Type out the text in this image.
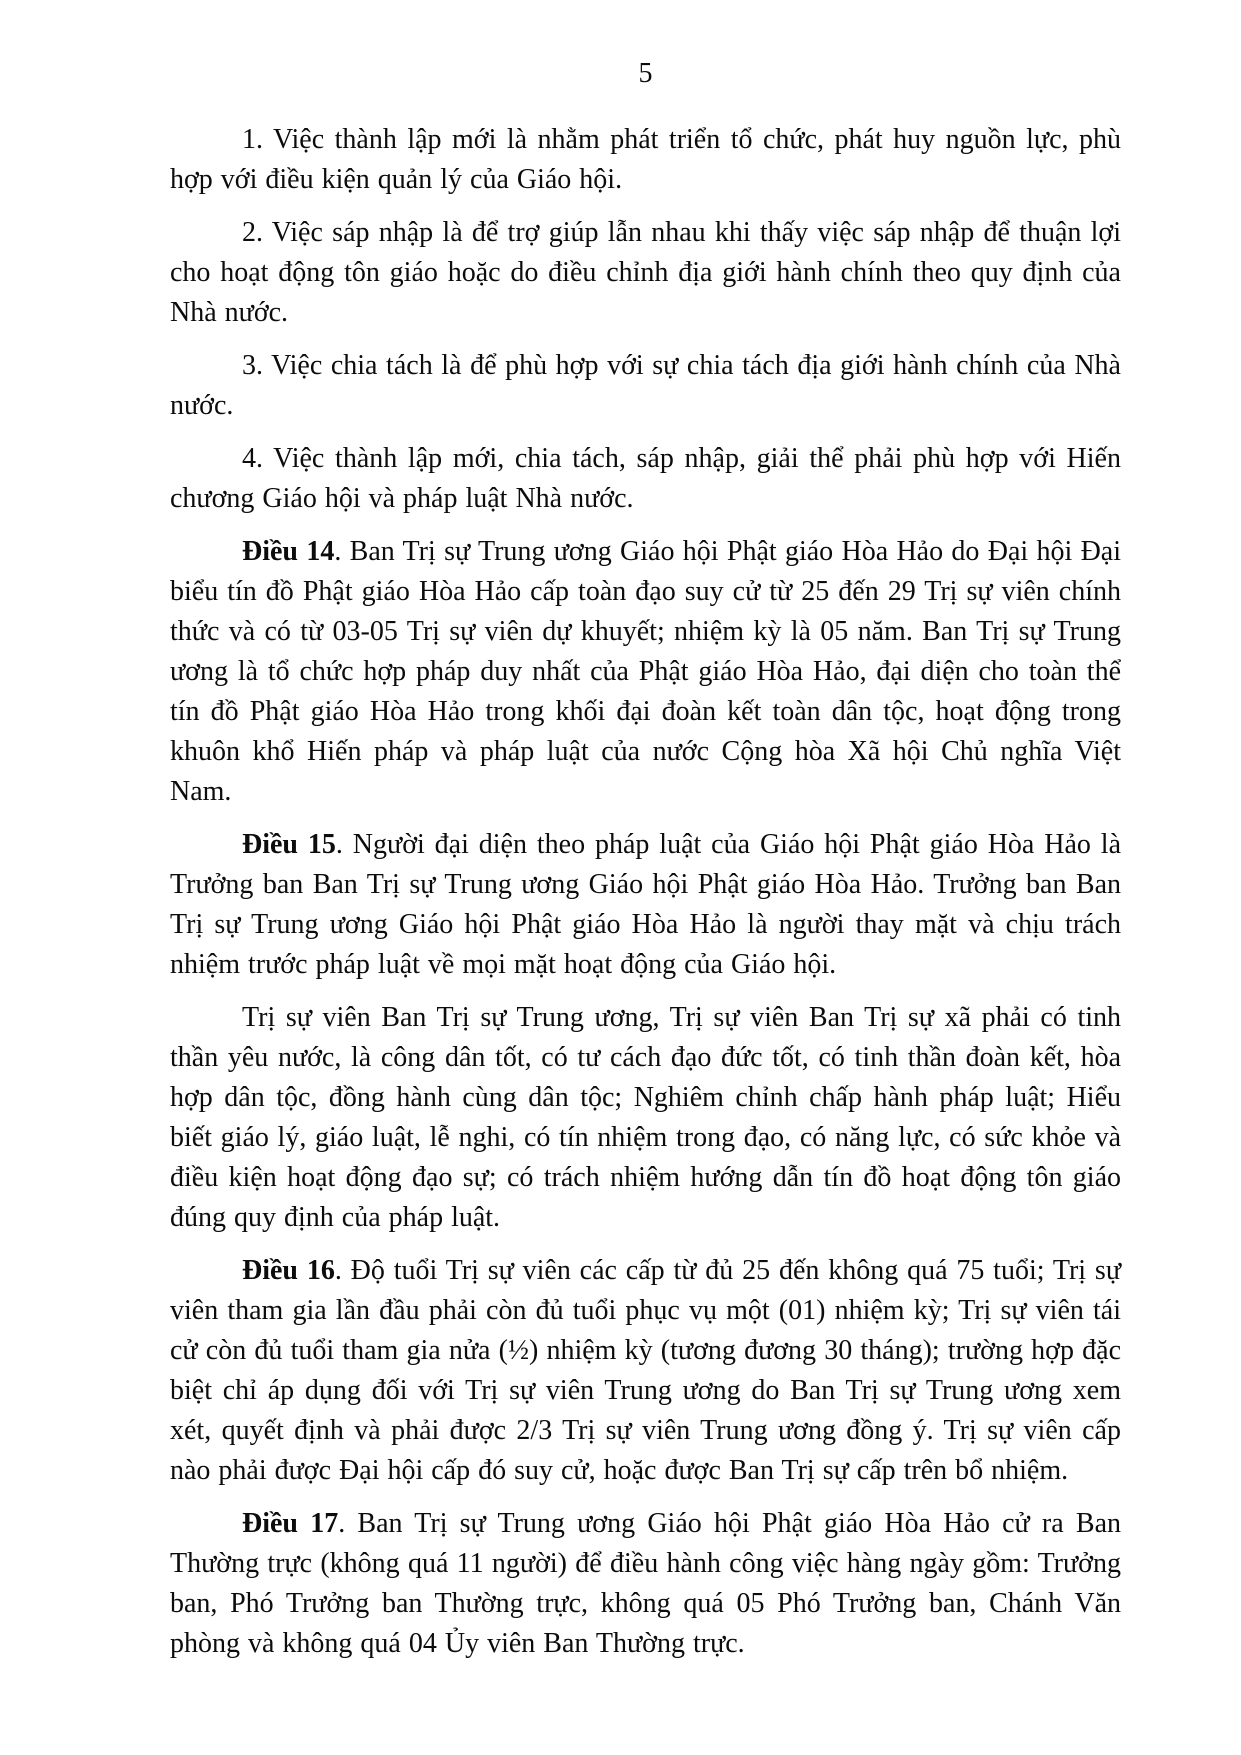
5

1. Việc thành lập mới là nhằm phát triển tổ chức, phát huy nguồn lực, phù hợp với điều kiện quản lý của Giáo hội.

2. Việc sáp nhập là để trợ giúp lẫn nhau khi thấy việc sáp nhập để thuận lợi cho hoạt động tôn giáo hoặc do điều chỉnh địa giới hành chính theo quy định của Nhà nước.

3. Việc chia tách là để phù hợp với sự chia tách địa giới hành chính của Nhà nước.

4. Việc thành lập mới, chia tách, sáp nhập, giải thể phải phù hợp với Hiến chương Giáo hội và pháp luật Nhà nước.

Điều 14. Ban Trị sự Trung ương Giáo hội Phật giáo Hòa Hảo do Đại hội Đại biểu tín đồ Phật giáo Hòa Hảo cấp toàn đạo suy cử từ 25 đến 29 Trị sự viên chính thức và có từ 03-05 Trị sự viên dự khuyết; nhiệm kỳ là 05 năm. Ban Trị sự Trung ương là tổ chức hợp pháp duy nhất của Phật giáo Hòa Hảo, đại diện cho toàn thể tín đồ Phật giáo Hòa Hảo trong khối đại đoàn kết toàn dân tộc, hoạt động trong khuôn khổ Hiến pháp và pháp luật của nước Cộng hòa Xã hội Chủ nghĩa Việt Nam.

Điều 15. Người đại diện theo pháp luật của Giáo hội Phật giáo Hòa Hảo là Trưởng ban Ban Trị sự Trung ương Giáo hội Phật giáo Hòa Hảo. Trưởng ban Ban Trị sự Trung ương Giáo hội Phật giáo Hòa Hảo là người thay mặt và chịu trách nhiệm trước pháp luật về mọi mặt hoạt động của Giáo hội.

Trị sự viên Ban Trị sự Trung ương, Trị sự viên Ban Trị sự xã phải có tinh thần yêu nước, là công dân tốt, có tư cách đạo đức tốt, có tinh thần đoàn kết, hòa hợp dân tộc, đồng hành cùng dân tộc; Nghiêm chỉnh chấp hành pháp luật; Hiểu biết giáo lý, giáo luật, lễ nghi, có tín nhiệm trong đạo, có năng lực, có sức khỏe và điều kiện hoạt động đạo sự; có trách nhiệm hướng dẫn tín đồ hoạt động tôn giáo đúng quy định của pháp luật.

Điều 16. Độ tuổi Trị sự viên các cấp từ đủ 25 đến không quá 75 tuổi; Trị sự viên tham gia lần đầu phải còn đủ tuổi phục vụ một (01) nhiệm kỳ; Trị sự viên tái cử còn đủ tuổi tham gia nửa (½) nhiệm kỳ (tương đương 30 tháng); trường hợp đặc biệt chỉ áp dụng đối với Trị sự viên Trung ương do Ban Trị sự Trung ương xem xét, quyết định và phải được 2/3 Trị sự viên Trung ương đồng ý. Trị sự viên cấp nào phải được Đại hội cấp đó suy cử, hoặc được Ban Trị sự cấp trên bổ nhiệm.

Điều 17. Ban Trị sự Trung ương Giáo hội Phật giáo Hòa Hảo cử ra Ban Thường trực (không quá 11 người) để điều hành công việc hàng ngày gồm: Trưởng ban, Phó Trưởng ban Thường trực, không quá 05 Phó Trưởng ban, Chánh Văn phòng và không quá 04 Ủy viên Ban Thường trực.
